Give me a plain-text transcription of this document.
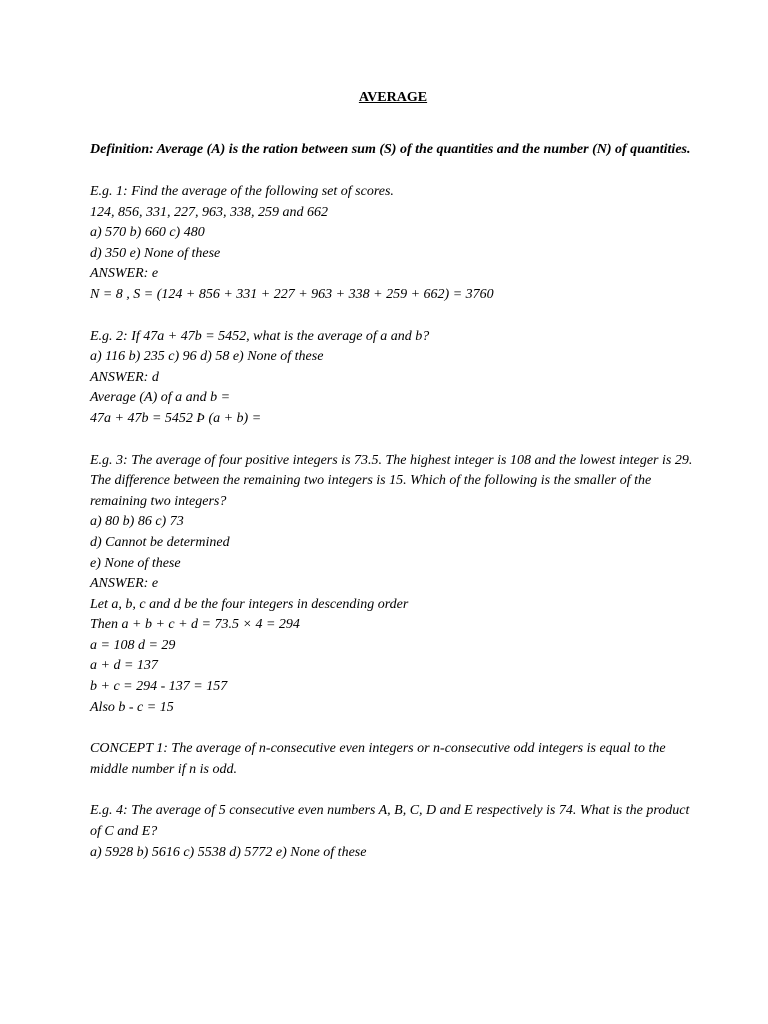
AVERAGE

Definition: Average (A) is the ration between sum (S) of the quantities and the number (N) of quantities.

E.g. 1: Find the average of the following set of scores.
124, 856, 331, 227, 963, 338, 259 and 662
a) 570 b) 660 c) 480
d) 350 e) None of these
ANSWER: e
N = 8 , S = (124 + 856 + 331 + 227 + 963 + 338 + 259 + 662) = 3760
E.g. 2: If 47a + 47b = 5452, what is the average of a and b?
a) 116 b) 235 c) 96 d) 58 e) None of these
ANSWER: d
Average (A) of a and b =
47a + 47b = 5452 Þ (a + b) =

E.g. 3: The average of four positive integers is 73.5. The highest integer is 108 and the lowest integer is 29. The difference between the remaining two integers is 15. Which of the following is the smaller of the remaining two integers?

a) 80 b) 86 c) 73
d) Cannot be determined
e) None of these
ANSWER: e
Let a, b, c and d be the four integers in descending order
Then a + b + c + d = 73.5 × 4 = 294
a = 108 d = 29
a + d = 137
b + c = 294 - 137 = 157
Also b - c = 15

CONCEPT 1: The average of n-consecutive even integers or n-consecutive odd integers is equal to the middle number if n is odd.

E.g. 4: The average of 5 consecutive even numbers A, B, C, D and E respectively is 74. What is the product of C and E?

a) 5928 b) 5616 c) 5538 d) 5772 e) None of these
